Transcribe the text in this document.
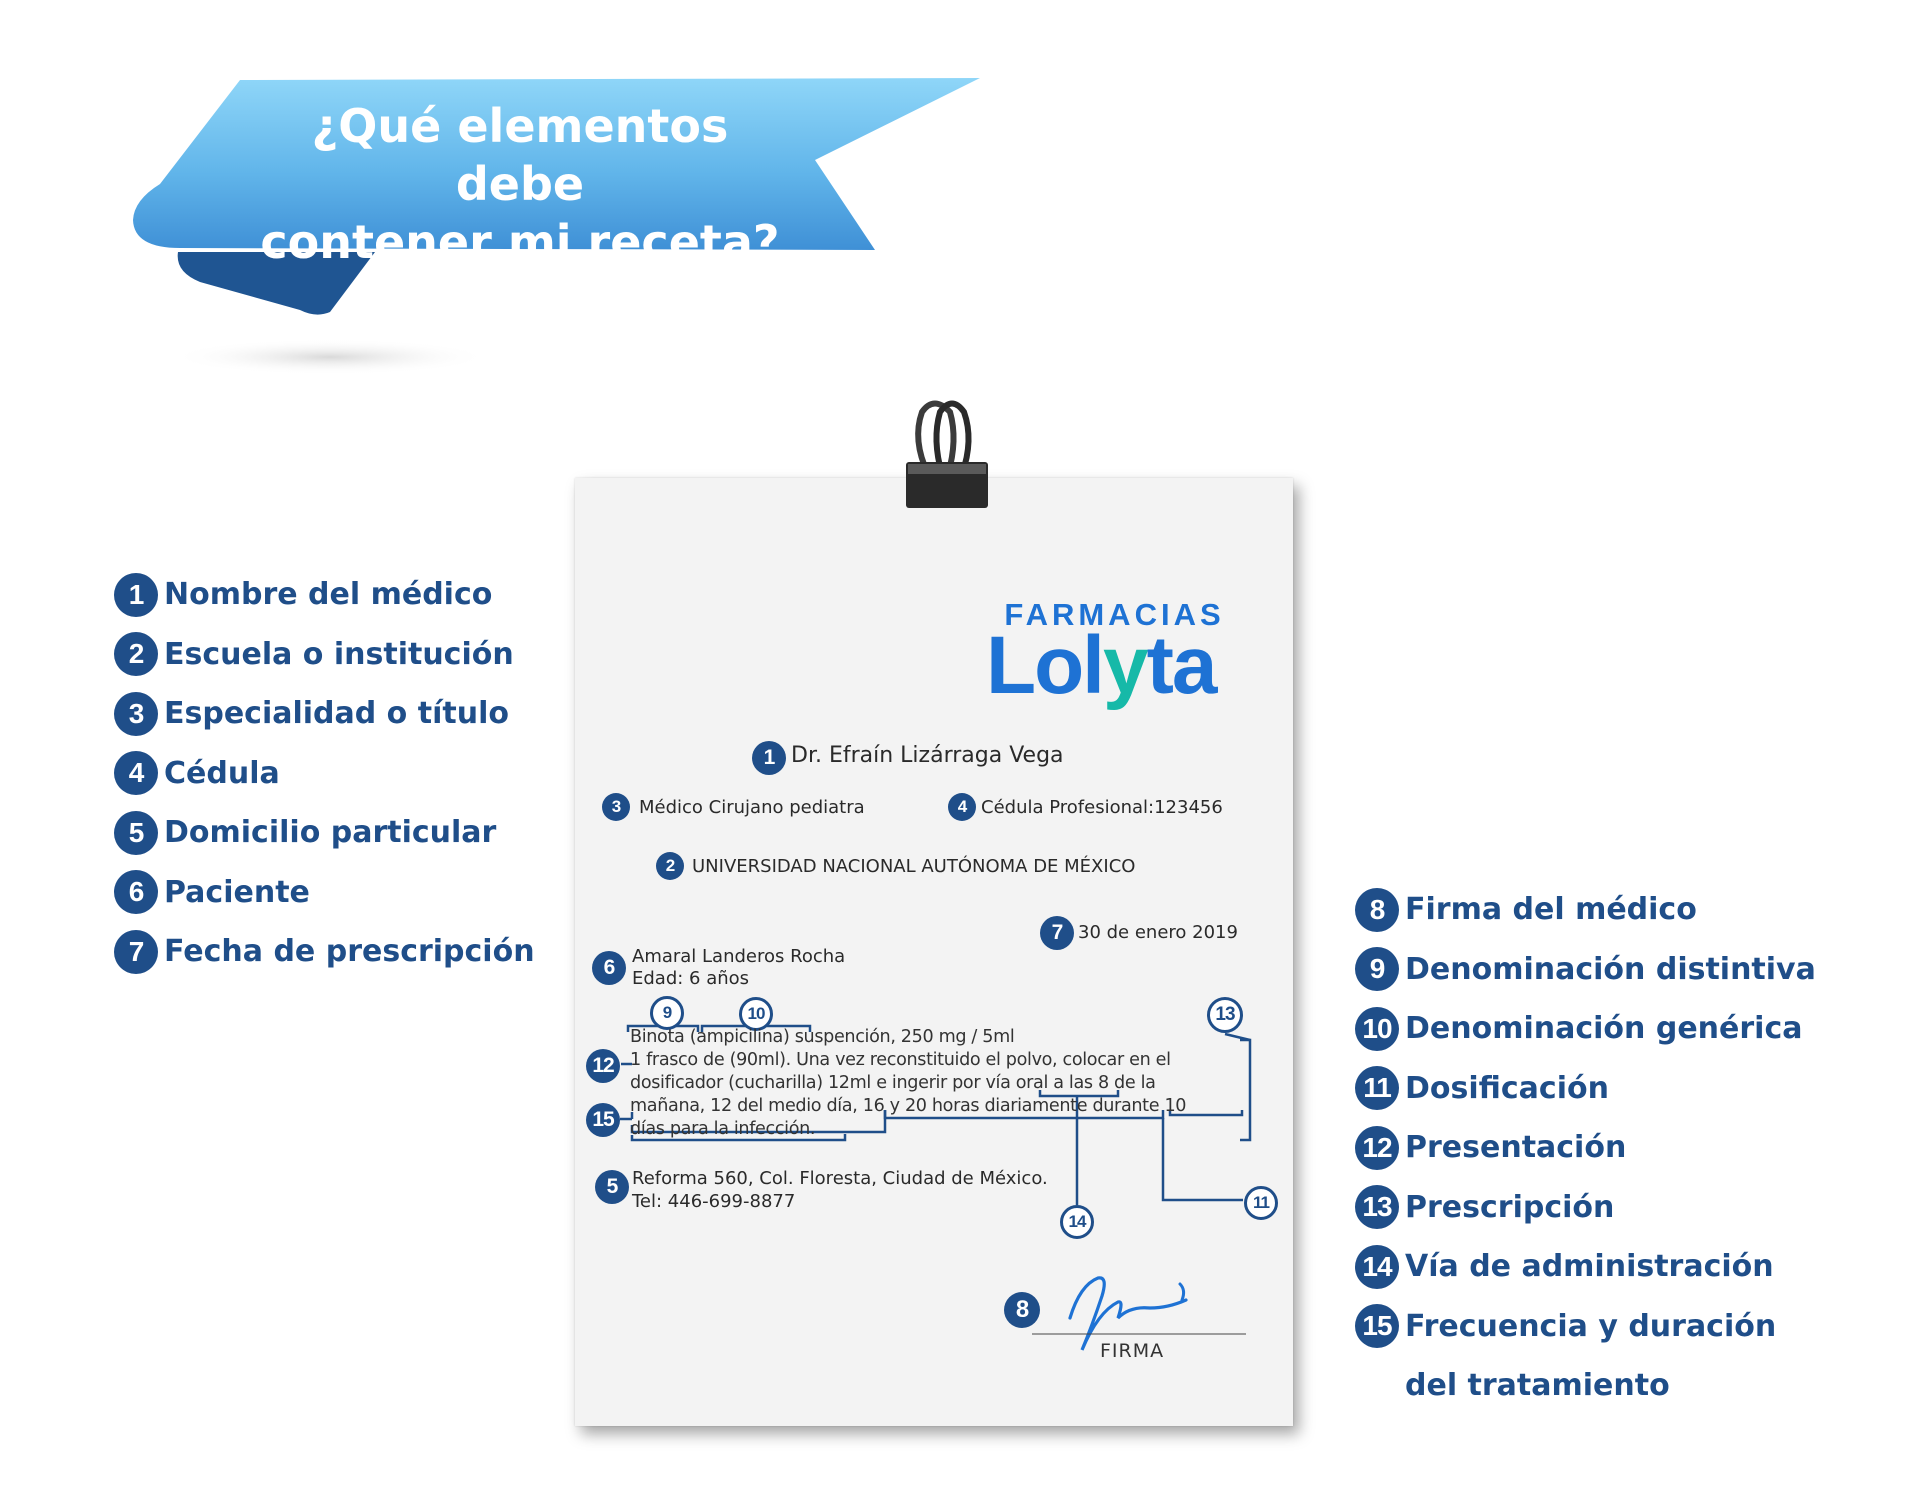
¿Qué elementos debe
contener mi receta?
1 Nombre del médico
2 Escuela o institución
3 Especialidad o título
4 Cédula
5 Domicilio particular
6 Paciente
7 Fecha de prescripción
8 Firma del médico
9 Denominación distintiva
10 Denominación genérica
11 Dosificación
12 Presentación
13 Prescripción
14 Vía de administración
15 Frecuencia y duración
del tratamiento
FARMACIAS
Lolyta
1 Dr. Efraín Lizárraga Vega
3	Médico Cirujano pediatra	4 Cédula Profesional:123456
2 UNIVERSIDAD NACIONAL AUTÓNOMA DE MÉXICO
7 30 de enero 2019
6 Amaral Landeros Rocha
Edad: 6 años
9	10	13
12
15
Binota (ampicilina) suspención, 250 mg / 5ml
1 frasco de (90ml). Una vez reconstituido el polvo, colocar en el
dosificador (cucharilla) 12ml e ingerir por vía oral a las 8 de la
mañana, 12 del medio día, 16 y 20 horas diariamente durante 10
días para la infección.
5 Reforma 560, Col. Floresta, Ciudad de México.
Tel: 446-699-8877
14
11
8
FIRMA
